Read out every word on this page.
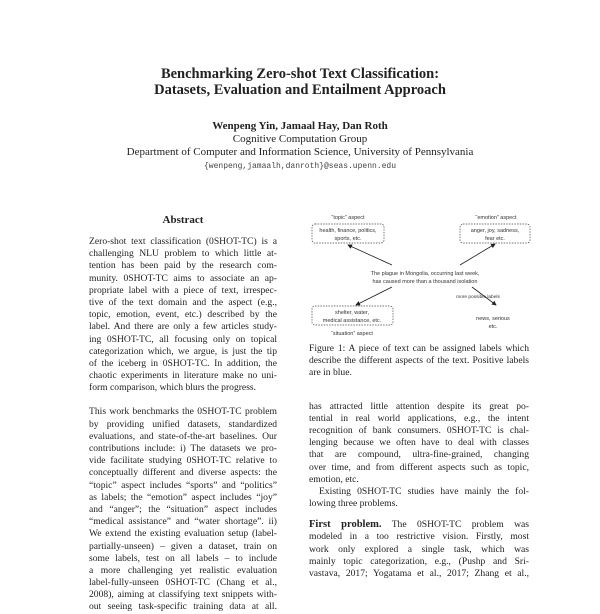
Benchmarking Zero-shot Text Classification:
Datasets, Evaluation and Entailment Approach
Wenpeng Yin, Jamaal Hay, Dan Roth
Cognitive Computation Group
Department of Computer and Information Science, University of Pennsylvania
{wenpeng,jamaalh,danroth}@seas.upenn.edu
Abstract
Zero-shot text classification (0SHOT-TC) is a
challenging NLU problem to which little at-
tention has been paid by the research com-
munity. 0SHOT-TC aims to associate an ap-
propriate label with a piece of text, irrespec-
tive of the text domain and the aspect (e.g.,
topic, emotion, event, etc.) described by the
label. And there are only a few articles study-
ing 0SHOT-TC, all focusing only on topical
categorization which, we argue, is just the tip
of the iceberg in 0SHOT-TC. In addition, the
chaotic experiments in literature make no uni-
form comparison, which blurs the progress.
This work benchmarks the 0SHOT-TC problem
by providing unified datasets, standardized
evaluations, and state-of-the-art baselines. Our
contributions include: i) The datasets we pro-
vide facilitate studying 0SHOT-TC relative to
conceptually different and diverse aspects: the
“topic” aspect includes “sports” and “politics”
as labels; the “emotion” aspect includes “joy”
and “anger”; the “situation” aspect includes
“medical assistance” and “water shortage”. ii)
We extend the existing evaluation setup (label-
partially-unseen) – given a dataset, train on
some labels, test on all labels – to include
a more challenging yet realistic evaluation
label-fully-unseen 0SHOT-TC (Chang et al.,
2008), aiming at classifying text snippets with-
out seeing task-specific training data at all.
“topic” aspect
health, finance, politics,
sports, etc.
“emotion” aspect
anger, joy, sadness,
fear etc.
The plague in Mongolia, occurring last week,
has caused more than a thousand isolation
more possible labels
news, serious
etc.
shelter, water,
medical assistance, etc.
“situation” aspect
Figure 1: A piece of text can be assigned labels which
describe the different aspects of the text. Positive labels
are in blue.
has attracted little attention despite its great po-
tential in real world applications, e.g., the intent
recognition of bank consumers. 0SHOT-TC is chal-
lenging because we often have to deal with classes
that are compound, ultra-fine-grained, changing
over time, and from different aspects such as topic,
emotion, etc.
Existing 0SHOT-TC studies have mainly the fol-
lowing three problems.
First problem. The 0SHOT-TC problem was
modeled in a too restrictive vision. Firstly, most
work only explored a single task, which was
mainly topic categorization, e.g., (Pushp and Sri-
vastava, 2017; Yogatama et al., 2017; Zhang et al.,
